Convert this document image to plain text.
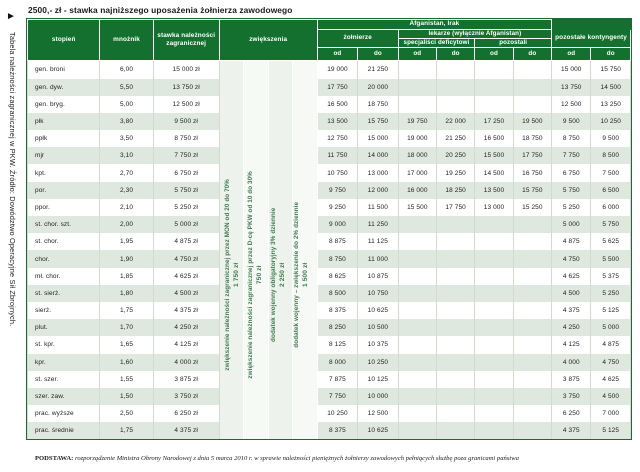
►
Tabela należności zagranicznej w PKW. Źródło: Dowództwo Operacyjne Sił Zbrojnych.
2500,- zł - stawka najniższego uposażenia żołnierza zawodowego
stopień	mnożnik	stawka należności zagranicznej	zwiększenia				Afganistan, Irak							
							żołnierze		lekarze (wyłącznie Afganistan)				pozostałe kontyngenty	
									specjaliści deficytowi		pozostali			
							od	do	od	do	od	do	od	do
gen. broni	6,00	15 000 zł					19 000	21 250					15 000	15 750
gen. dyw.	5,50	13 750 zł					17 750	20 000					13 750	14 500
gen. bryg.	5,00	12 500 zł					16 500	18 750					12 500	13 250
płk	3,80	9 500 zł					13 500	15 750	19 750	22 000	17 250	19 500	9 500	10 250
ppłk	3,50	8 750 zł					12 750	15 000	19 000	21 250	16 500	18 750	8 750	9 500
mjr	3,10	7 750 zł					11 750	14 000	18 000	20 250	15 500	17 750	7 750	8 500
kpt.	2,70	6 750 zł					10 750	13 000	17 000	19 250	14 500	16 750	6 750	7 500
por.	2,30	5 750 zł					9 750	12 000	16 000	18 250	13 500	15 750	5 750	6 500
ppor.	2,10	5 250 zł					9 250	11 500	15 500	17 750	13 000	15 250	5 250	6 000
st. chor. szt.	2,00	5 000 zł					9 000	11 250					5 000	5 750
st. chor.	1,95	4 875 zł					8 875	11 125					4 875	5 625
chor.	1,90	4 750 zł					8 750	11 000					4 750	5 500
mł. chor.	1,85	4 625 zł					8 625	10 875					4 625	5 375
st. sierż.	1,80	4 500 zł					8 500	10 750					4 500	5 250
sierż.	1,75	4 375 zł					8 375	10 625					4 375	5 125
plut.	1,70	4 250 zł					8 250	10 500					4 250	5 000
st. kpr.	1,65	4 125 zł					8 125	10 375					4 125	4 875
kpr.	1,60	4 000 zł					8 000	10 250					4 000	4 750
st. szer.	1,55	3 875 zł					7 875	10 125					3 875	4 625
szer. zaw.	1,50	3 750 zł					7 750	10 000					3 750	4 500
prac. wyższe	2,50	6 250 zł					10 250	12 500					6 250	7 000
prac. średnie	1,75	4 375 zł					8 375	10 625					4 375	5 125
zwiększenie należności zagranicznej przez MON od 20 do 70% 1 750 zł	zwiększenie należności zagranicznej przez D-cę PKW od 10 do 30% 750 zł	dodatek wojenny obligatoryjny 3% dziennie 2 250 zł	dodatek wojenny – zwiększenie do 2% dziennie 1 500 zł
PODSTAWA: rozporządzenie Ministra Obrony Narodowej z dnia 5 marca 2010 r. w sprawie należności pieniężnych żołnierzy zawodowych pełniących służbę poza granicami państwa
